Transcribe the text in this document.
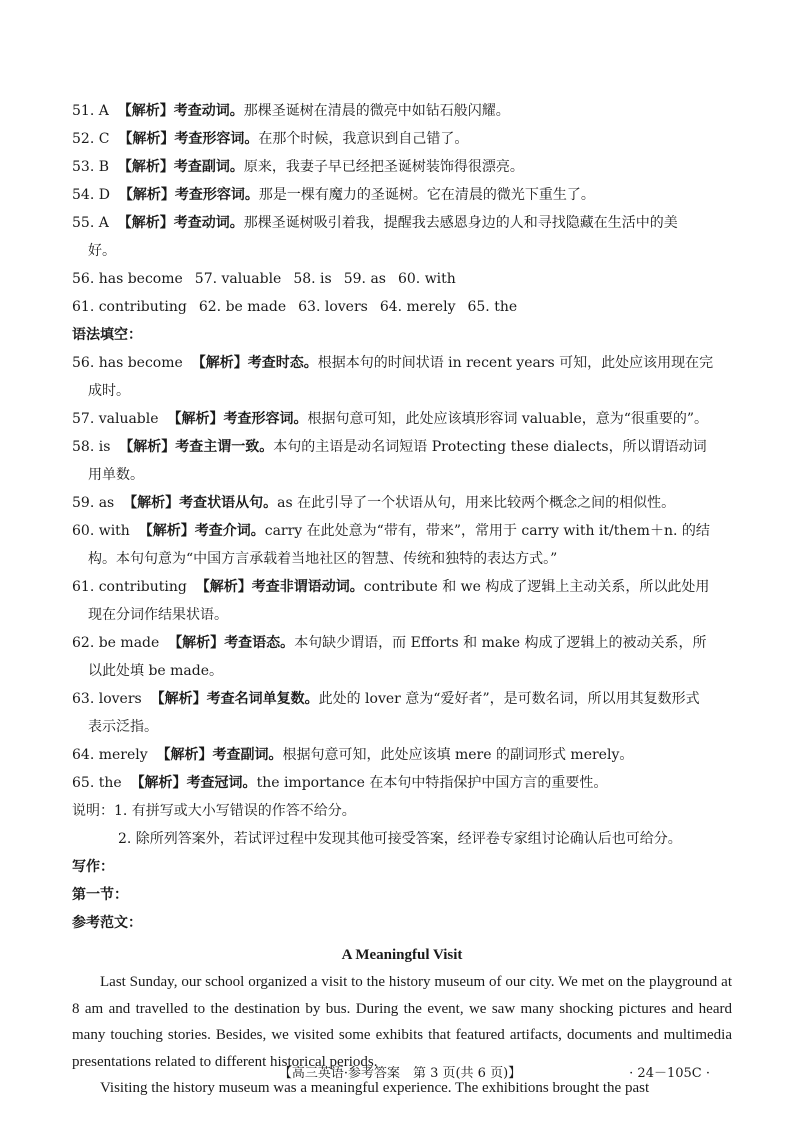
51. A 【解析】考查动词。那棵圣诞树在清晨的微亮中如钻石般闪耀。
52. C 【解析】考查形容词。在那个时候，我意识到自己错了。
53. B 【解析】考查副词。原来，我妻子早已经把圣诞树装饰得很漂亮。
54. D 【解析】考查形容词。那是一棵有魔力的圣诞树。它在清晨的微光下重生了。
55. A 【解析】考查动词。那棵圣诞树吸引着我，提醒我去感恩身边的人和寻找隐藏在生活中的美
好。
56. has become 57. valuable 58. is 59. as 60. with
61. contributing 62. be made 63. lovers 64. merely 65. the
语法填空：
56. has become 【解析】考查时态。根据本句的时间状语 in recent years 可知，此处应该用现在完
成时。
57. valuable 【解析】考查形容词。根据句意可知，此处应该填形容词 valuable，意为“很重要的”。
58. is 【解析】考查主谓一致。本句的主语是动名词短语 Protecting these dialects，所以谓语动词
用单数。
59. as 【解析】考查状语从句。as 在此引导了一个状语从句，用来比较两个概念之间的相似性。
60. with 【解析】考查介词。carry 在此处意为“带有，带来”，常用于 carry with it/them＋n. 的结
构。本句句意为“中国方言承载着当地社区的智慧、传统和独特的表达方式。”
61. contributing 【解析】考查非谓语动词。contribute 和 we 构成了逻辑上主动关系，所以此处用
现在分词作结果状语。
62. be made 【解析】考查语态。本句缺少谓语，而 Efforts 和 make 构成了逻辑上的被动关系，所
以此处填 be made。
63. lovers 【解析】考查名词单复数。此处的 lover 意为“爱好者”，是可数名词，所以用其复数形式
表示泛指。
64. merely 【解析】考查副词。根据句意可知，此处应该填 mere 的副词形式 merely。
65. the 【解析】考查冠词。the importance 在本句中特指保护中国方言的重要性。
说明：1. 有拼写或大小写错误的作答不给分。
2. 除所列答案外，若试评过程中发现其他可接受答案，经评卷专家组讨论确认后也可给分。
写作：
第一节：
参考范文：
A Meaningful Visit

Last Sunday, our school organized a visit to the history museum of our city. We met on the playground at 8 am and travelled to the destination by bus. During the event, we saw many shocking pictures and heard many touching stories. Besides, we visited some exhibits that featured artifacts, documents and multimedia presentations related to different historical periods.

Visiting the history museum was a meaningful experience. The exhibitions brought the past

【高三英语·参考答案　第 3 页(共 6 页)】	· 24－105C ·
